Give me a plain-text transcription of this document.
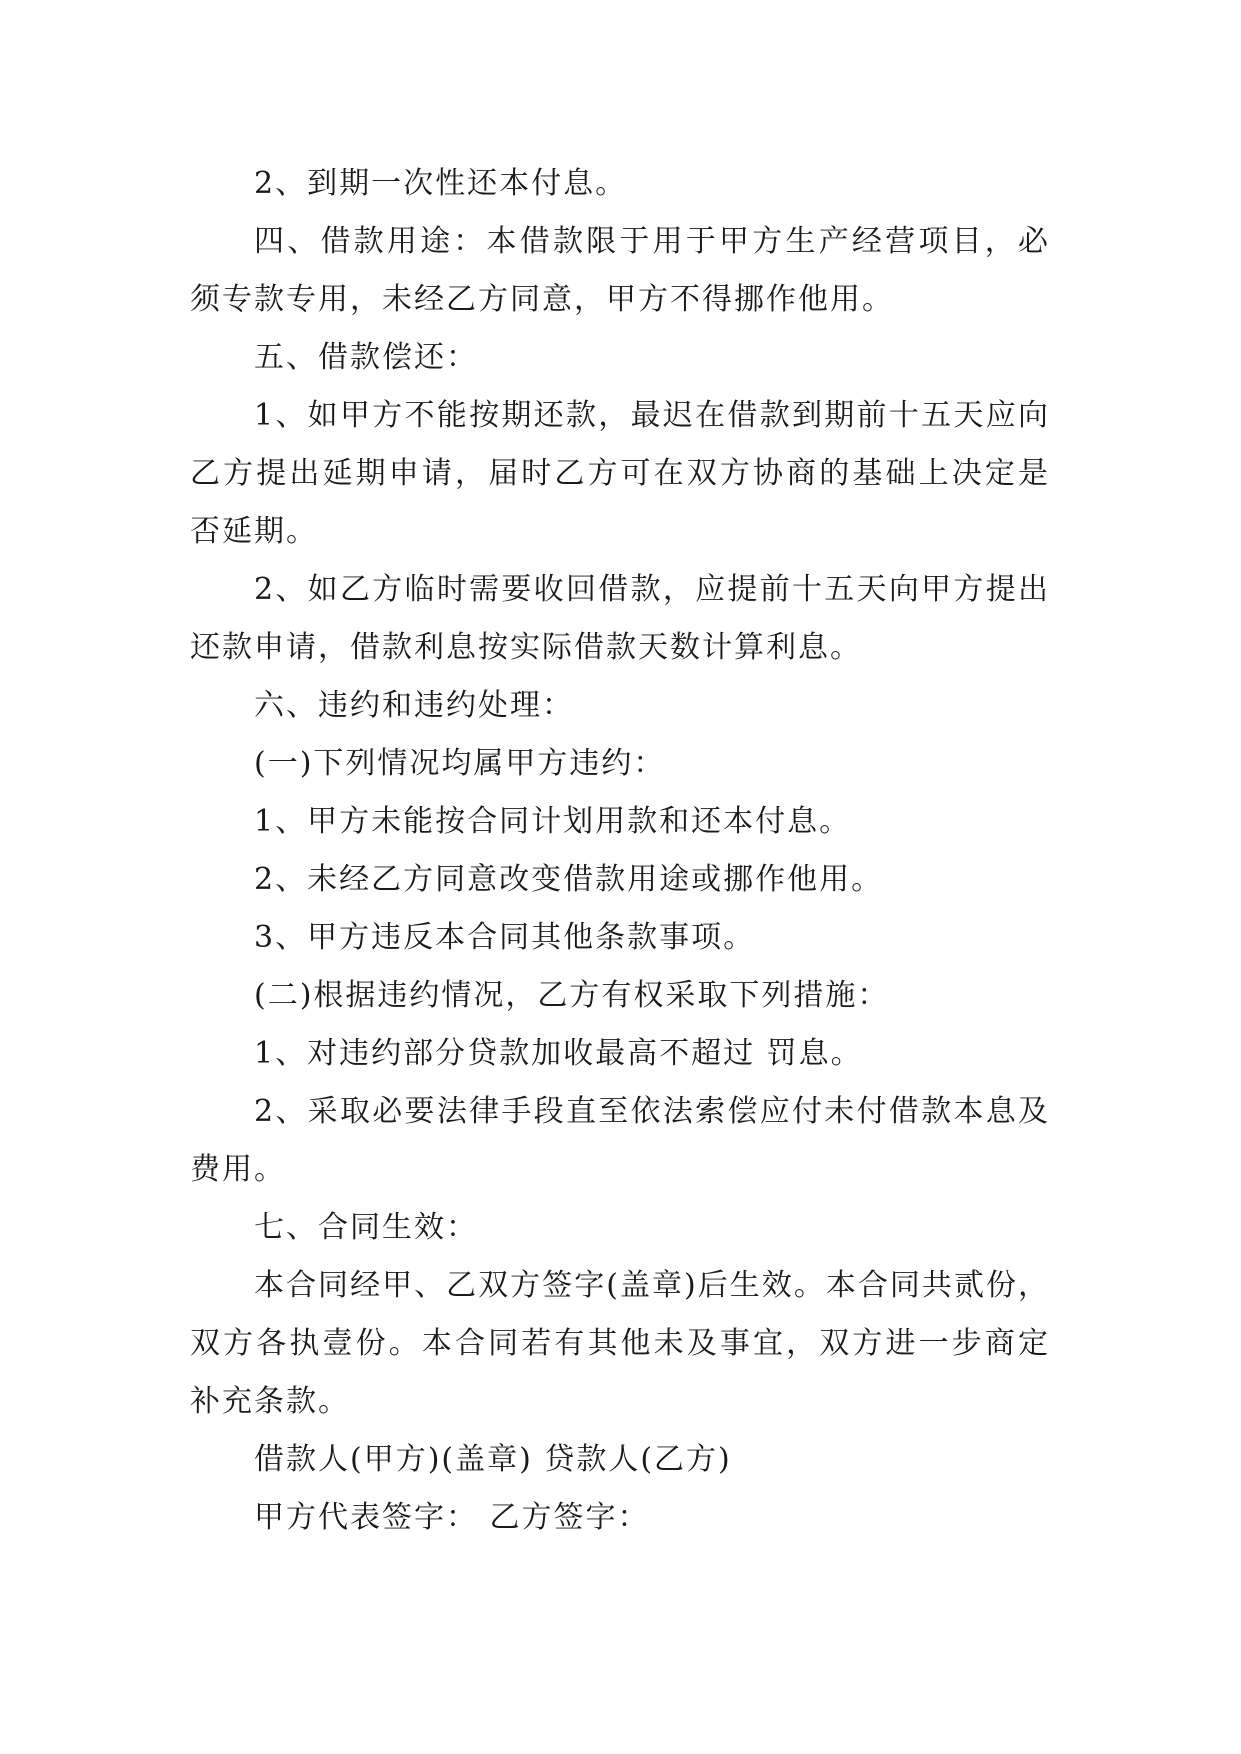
2、到期一次性还本付息。

四、借款用途：本借款限于用于甲方生产经营项目，必须专款专用，未经乙方同意，甲方不得挪作他用。

五、借款偿还：

1、如甲方不能按期还款，最迟在借款到期前十五天应向乙方提出延期申请，届时乙方可在双方协商的基础上决定是否延期。

2、如乙方临时需要收回借款，应提前十五天向甲方提出还款申请，借款利息按实际借款天数计算利息。

六、违约和违约处理：

(一)下列情况均属甲方违约：

1、甲方未能按合同计划用款和还本付息。

2、未经乙方同意改变借款用途或挪作他用。

3、甲方违反本合同其他条款事项。

(二)根据违约情况，乙方有权采取下列措施：

1、对违约部分贷款加收最高不超过 罚息。

2、采取必要法律手段直至依法索偿应付未付借款本息及费用。

七、合同生效：

本合同经甲、乙双方签字(盖章)后生效。本合同共贰份，双方各执壹份。本合同若有其他未及事宜，双方进一步商定补充条款。

借款人(甲方)(盖章) 贷款人(乙方)

甲方代表签字： 乙方签字：
